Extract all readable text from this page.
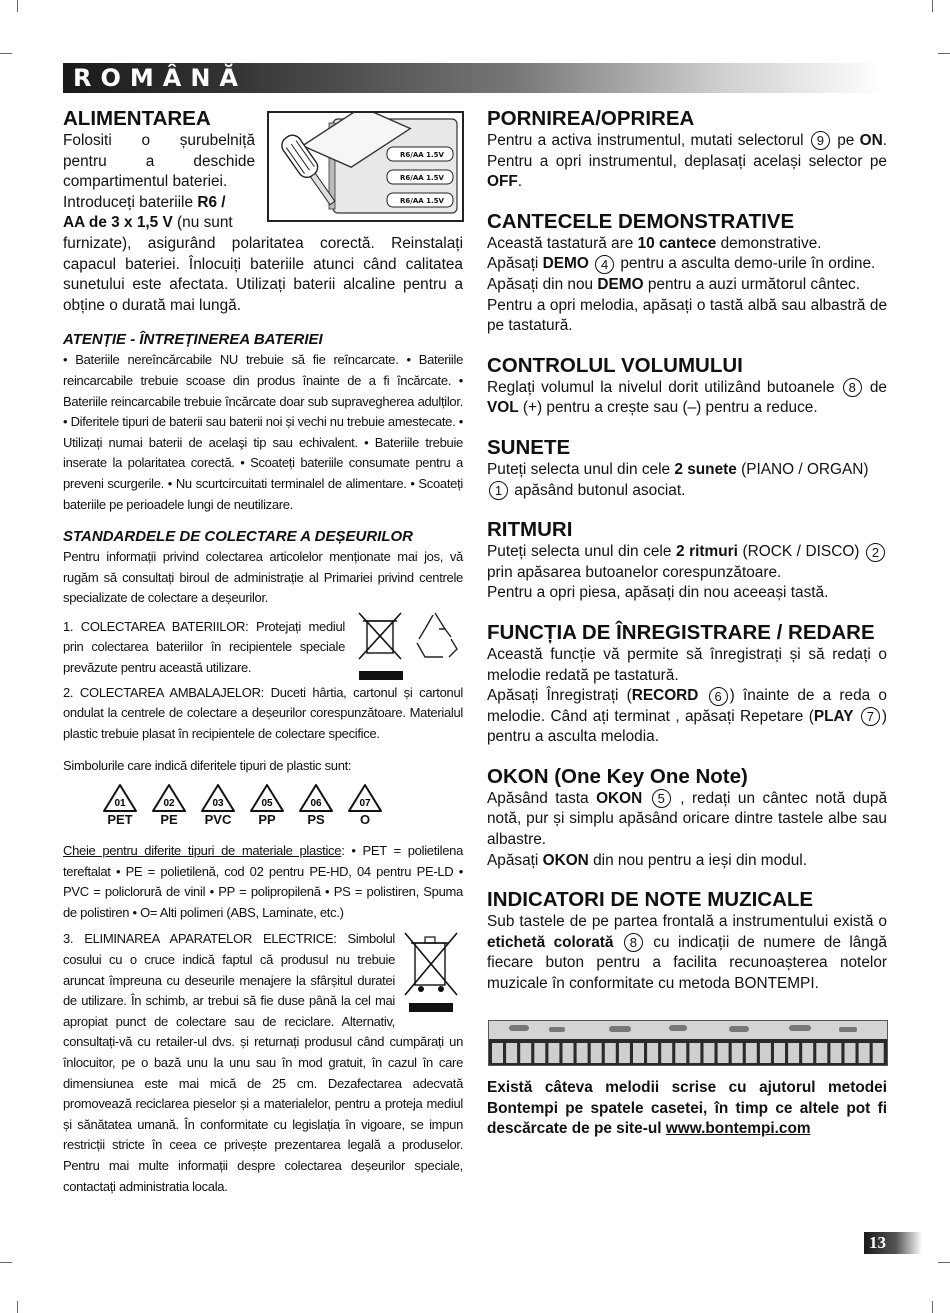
ROMÂNĂ
ALIMENTAREA

Folositi o șurubelniță

pentru a deschide

compartimentul bateriei.

Introduceți bateriile R6 /

AA de 3 x 1,5 V (nu sunt

furnizate), asigurând polaritatea corectă. Reinstalați capacul bateriei. Înlocuiți bateriile atunci când calitatea sunetului este afectata. Utilizați baterii alcaline pentru a obține o durată mai lungă.

R6/AA 1.5V
R6/AA 1.5V
R6/AA 1.5V
ATENȚIE - ÎNTREȚINEREA BATERIEI

• Bateriile nereîncărcabile NU trebuie să fie reîncarcate. • Bateriile reincarcabile trebuie scoase din produs înainte de a fi încărcate. • Bateriile reincarcabile trebuie încărcate doar sub supravegherea adulților. • Diferitele tipuri de baterii sau baterii noi și vechi nu trebuie amestecate. • Utilizați numai baterii de acelaşi tip sau echivalent. • Bateriile trebuie inserate la polaritatea corectă. • Scoateți bateriile consumate pentru a preveni scurgerile. • Nu scurtcircuitati terminalel de alimentare. • Scoateți bateriile pe perioadele lungi de neutilizare.

STANDARDELE DE COLECTARE A DEȘEURILOR

Pentru informații privind colectarea articolelor menționate mai jos, vă rugăm să consultați biroul de administrație al Primariei privind centrele specializate de colectare a deșeurilor.

1. COLECTAREA BATERIILOR: Protejați mediul prin colectarea bateriilor în recipientele speciale prevăzute pentru această utilizare.

2. COLECTAREA AMBALAJELOR: Duceti hârtia, cartonul și cartonul ondulat la centrele de colectare a deșeurilor corespunzătoare. Materialul plastic trebuie plasat în recipientele de colectare specifice.

Simbolurile care indică diferitele tipuri de plastic sunt:

01
PET
02
PE
03
PVC
05
PP
06
PS
07
O

Cheie pentru diferite tipuri de materiale plastice: • PET = polietilena tereftalat • PE = polietilenă, cod 02 pentru PE-HD, 04 pentru PE-LD • PVC = policlorură de vinil • PP = polipropilenă • PS = polistiren, Spuma de polistiren • O= Alti polimeri (ABS, Laminate, etc.)

3. ELIMINAREA APARATELOR ELECTRICE: Simbolul cosului cu o cruce indică faptul că produsul nu trebuie aruncat împreuna cu deseurile menajere la sfârșitul duratei de utilizare. În schimb, ar trebui să fie duse până la cel mai apropiat punct de colectare sau de reciclare. Alternativ, consultați-vă cu retailer-ul dvs. și returnați produsul când cumpărați un înlocuitor, pe o bază unu la unu sau în mod gratuit, în cazul în care dimensiunea este mai mică de 25 cm. Dezafectarea adecvată promovează reciclarea pieselor și a materialelor, pentru a proteja mediul și sănătatea umană. În conformitate cu legislația în vigoare, se impun restricții stricte în ceea ce privește prezentarea legală a produselor. Pentru mai multe informații despre colectarea deșeurilor speciale, contactați administratia locala.

PORNIREA/OPRIREA

Pentru a activa instrumentul, mutati selectorul 9 pe ON. Pentru a opri instrumentul, deplasați același selector pe OFF.

CANTECELE DEMONSTRATIVE

Această tastatură are 10 cantece demonstrative.

Apăsați DEMO 4 pentru a asculta demo-urile în ordine.

Apăsați din nou DEMO pentru a auzi următorul cântec.

Pentru a opri melodia, apăsați o tastă albă sau albastră de pe tastatură.

CONTROLUL VOLUMULUI

Reglați volumul la nivelul dorit utilizând butoanele 8 de VOL (+) pentru a crește sau (–) pentru a reduce.

SUNETE

Puteți selecta unul din cele 2 sunete (PIANO / ORGAN)
1 apăsând butonul asociat.

RITMURI

Puteți selecta unul din cele 2 ritmuri (ROCK / DISCO) 2 prin apăsarea butoanelor corespunzătoare.

Pentru a opri piesa, apăsați din nou aceeași tastă.

FUNCȚIA DE ÎNREGISTRARE / REDARE

Această funcție vă permite să înregistrați și să redați o melodie redată pe tastatură.

Apăsați Înregistrați (RECORD 6 ) înainte de a reda o melodie. Când ați terminat , apăsați Repetare (PLAY 7 ) pentru a asculta melodia.

OKON (One Key One Note)

Apăsând tasta OKON 5 , redați un cântec notă după notă, pur și simplu apăsând oricare dintre tastele albe sau albastre.

Apăsați OKON din nou pentru a ieși din modul.

INDICATORI DE NOTE MUZICALE

Sub tastele de pe partea frontală a instrumentului există o etichetă colorată 8 cu indicații de numere de lângă fiecare buton pentru a facilita recunoașterea notelor muzicale în conformitate cu metoda BONTEMPI.

Există câteva melodii scrise cu ajutorul metodei Bontempi pe spatele casetei, în timp ce altele pot fi descărcate de pe site-ul www.bontempi.com

13
